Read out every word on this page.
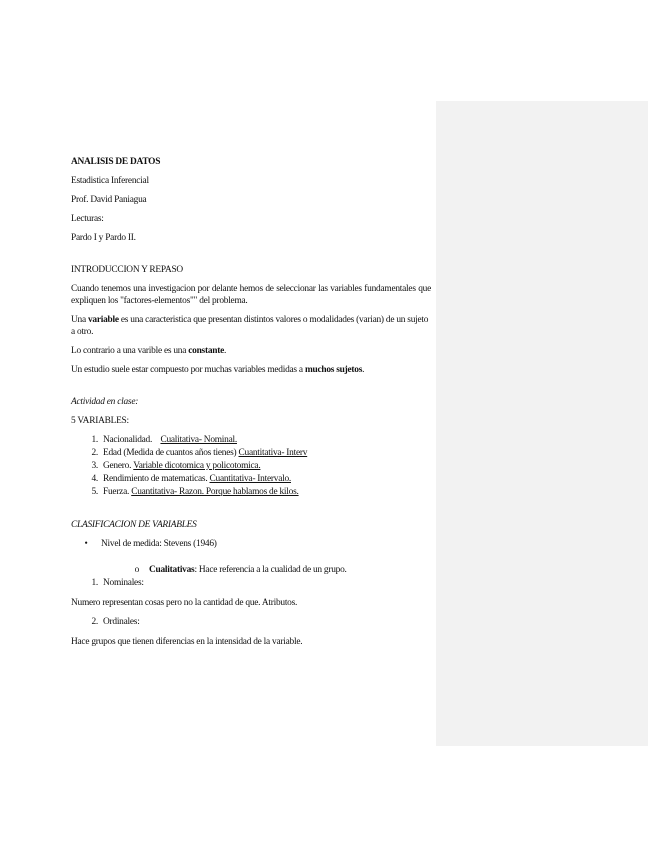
ANALISIS DE DATOS

Estadistica Inferencial

Prof. David Paniagua

Lecturas:

Pardo I y Pardo II.

INTRODUCCION Y REPASO

Cuando tenemos una investigacion por delante hemos de seleccionar las variables fundamentales que expliquen los "factores-elementos"" del problema.

Una variable es una caracteristica que presentan distintos valores o modalidades (varian) de un sujeto a otro.

Lo contrario a una varible es una constante.

Un estudio suele estar compuesto por muchas variables medidas a muchos sujetos.

Actividad en clase:

5 VARIABLES:

1. Nacionalidad.
Cualitativa- Nominal.
2. Edad (Medida de cuantos años tienes) Cuantitativa- Interv
3. Genero. Variable dicotomica y policotomica.
4. Rendimiento de matematicas. Cuantitativa- Intervalo.
5. Fuerza. Cuantitativa- Razon. Porque hablamos de kilos.

CLASIFICACION DE VARIABLES

•	Nivel de medida: Stevens (1946)
o	Cualitativas : Hace referencia a la cualidad de un grupo.
1. Nominales:

Numero representan cosas pero no la cantidad de que. Atributos.

2. Ordinales:

Hace grupos que tienen diferencias en la intensidad de la variable.
